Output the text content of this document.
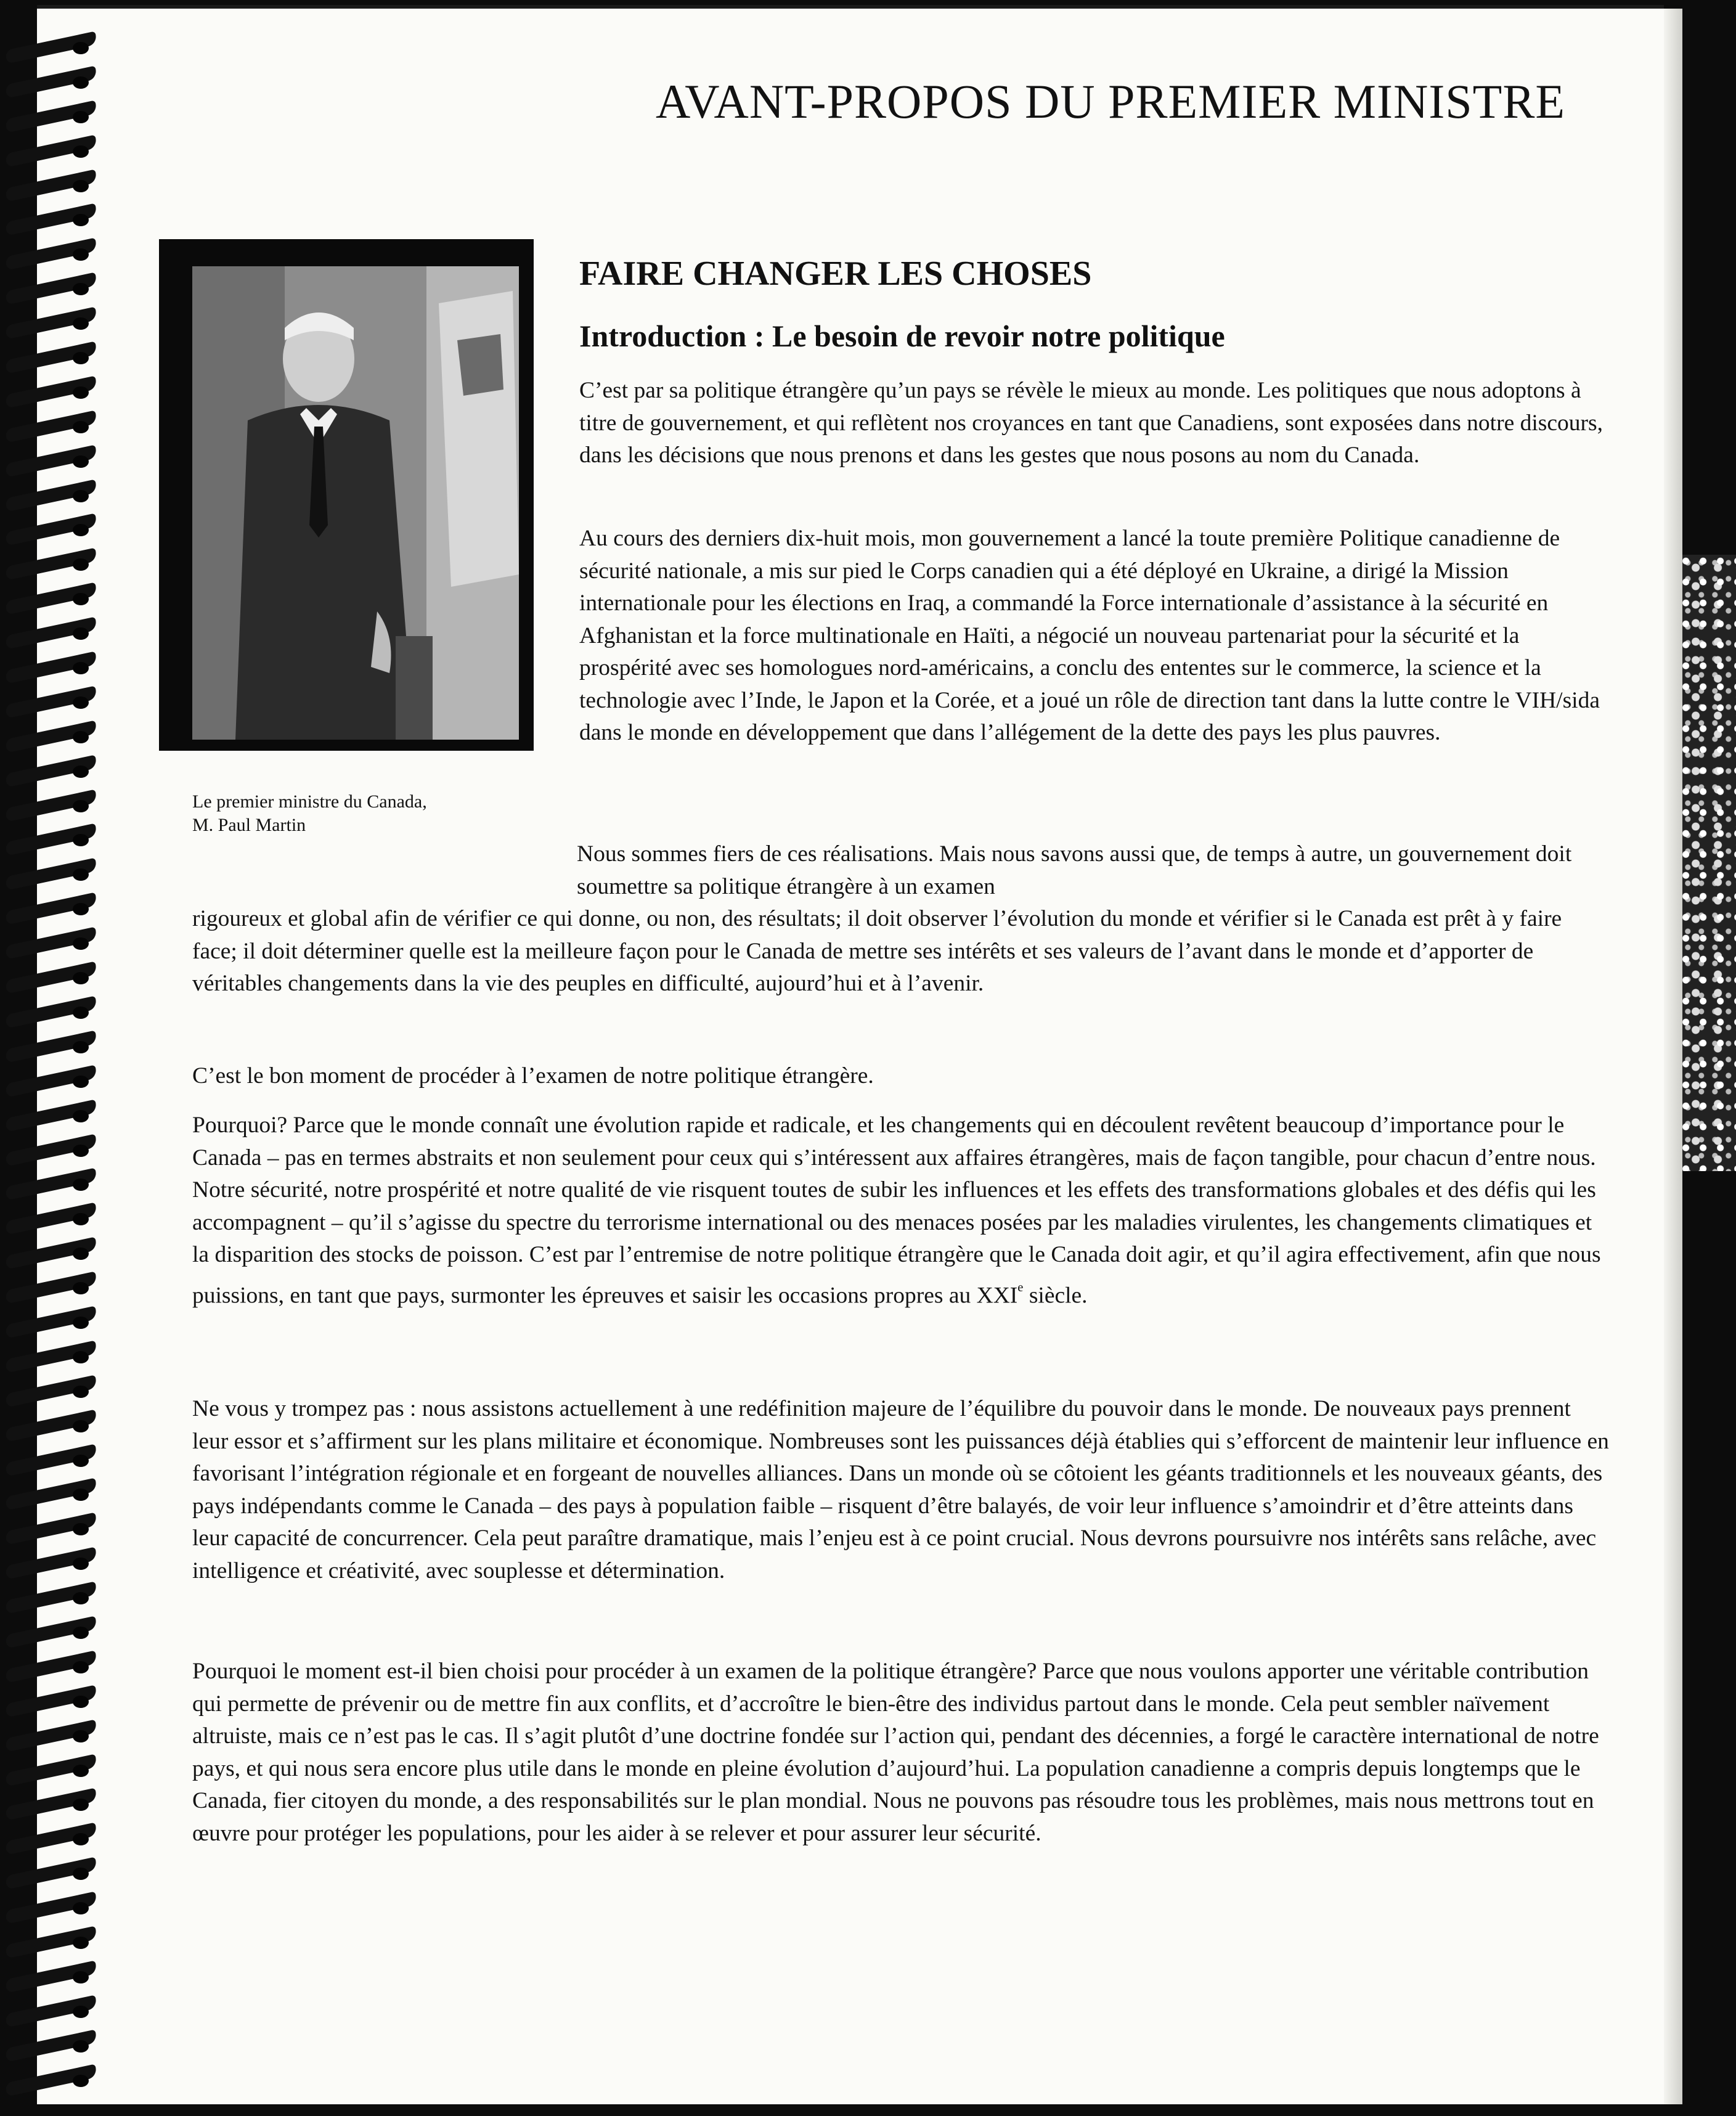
AVANT-PROPOS DU PREMIER MINISTRE
Le premier ministre du Canada,
M. Paul Martin
FAIRE CHANGER LES CHOSES
Introduction : Le besoin de revoir notre politique

C’est par sa politique étrangère qu’un pays se révèle le mieux au monde. Les politiques que nous adoptons à titre de gouvernement, et qui reflètent nos croyances en tant que Canadiens, sont exposées dans notre discours, dans les décisions que nous prenons et dans les gestes que nous posons au nom du Canada.

Au cours des derniers dix-huit mois, mon gouvernement a lancé la toute première Politique canadienne de sécurité nationale, a mis sur pied le Corps canadien qui a été déployé en Ukraine, a dirigé la Mission internationale pour les élections en Iraq, a commandé la Force internationale d’assistance à la sécurité en Afghanistan et la force multinationale en Haïti, a négocié un nouveau partenariat pour la sécurité et la prospérité avec ses homologues nord-américains, a conclu des ententes sur le commerce, la science et la technologie avec l’Inde, le Japon et la Corée, et a joué un rôle de direction tant dans la lutte contre le VIH/sida dans le monde en développement que dans l’allégement de la dette des pays les plus pauvres.

Nous sommes fiers de ces réalisations. Mais nous savons aussi que, de temps à autre, un gouvernement doit soumettre sa politique étrangère à un examen

rigoureux et global afin de vérifier ce qui donne, ou non, des résultats; il doit observer l’évolution du monde et vérifier si le Canada est prêt à y faire face; il doit déterminer quelle est la meilleure façon pour le Canada de mettre ses intérêts et ses valeurs de l’avant dans le monde et d’apporter de véritables changements dans la vie des peuples en difficulté, aujourd’hui et à l’avenir.

C’est le bon moment de procéder à l’examen de notre politique étrangère.

Pourquoi? Parce que le monde connaît une évolution rapide et radicale, et les changements qui en découlent revêtent beaucoup d’importance pour le Canada – pas en termes abstraits et non seulement pour ceux qui s’intéressent aux affaires étrangères, mais de façon tangible, pour chacun d’entre nous. Notre sécurité, notre prospérité et notre qualité de vie risquent toutes de subir les influences et les effets des transformations globales et des défis qui les accompagnent – qu’il s’agisse du spectre du terrorisme international ou des menaces posées par les maladies virulentes, les changements climatiques et la disparition des stocks de poisson. C’est par l’entremise de notre politique étrangère que le Canada doit agir, et qu’il agira effectivement, afin que nous puissions, en tant que pays, surmonter les épreuves et saisir les occasions propres au XXIe siècle.

Ne vous y trompez pas : nous assistons actuellement à une redéfinition majeure de l’équilibre du pouvoir dans le monde. De nouveaux pays prennent leur essor et s’affirment sur les plans militaire et économique. Nombreuses sont les puissances déjà établies qui s’efforcent de maintenir leur influence en favorisant l’intégration régionale et en forgeant de nouvelles alliances. Dans un monde où se côtoient les géants traditionnels et les nouveaux géants, des pays indépendants comme le Canada – des pays à population faible – risquent d’être balayés, de voir leur influence s’amoindrir et d’être atteints dans leur capacité de concurrencer. Cela peut paraître dramatique, mais l’enjeu est à ce point crucial. Nous devrons poursuivre nos intérêts sans relâche, avec intelligence et créativité, avec souplesse et détermination.

Pourquoi le moment est-il bien choisi pour procéder à un examen de la politique étrangère? Parce que nous voulons apporter une véritable contribution qui permette de prévenir ou de mettre fin aux conflits, et d’accroître le bien-être des individus partout dans le monde. Cela peut sembler naïvement altruiste, mais ce n’est pas le cas. Il s’agit plutôt d’une doctrine fondée sur l’action qui, pendant des décennies, a forgé le caractère international de notre pays, et qui nous sera encore plus utile dans le monde en pleine évolution d’aujourd’hui. La population canadienne a compris depuis longtemps que le Canada, fier citoyen du monde, a des responsabilités sur le plan mondial. Nous ne pouvons pas résoudre tous les problèmes, mais nous mettrons tout en œuvre pour protéger les populations, pour les aider à se relever et pour assurer leur sécurité.
